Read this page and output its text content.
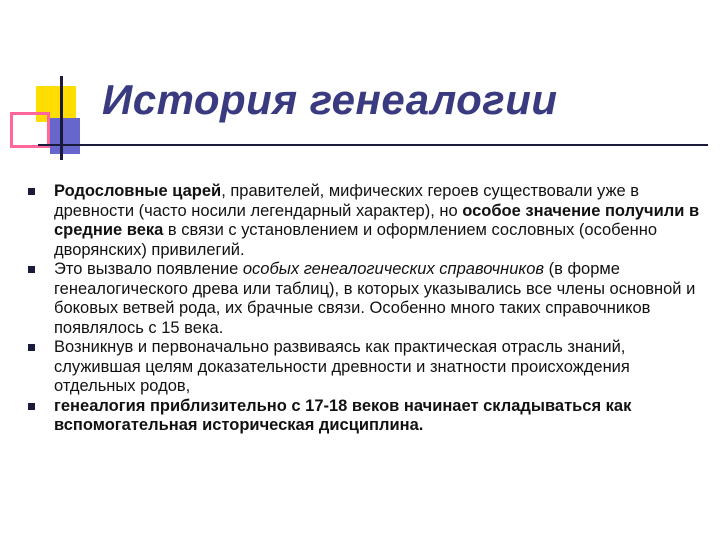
История генеалогии
Родословные царей, правителей, мифических героев существовали уже в древности (часто носили легендарный характер), но особое значение получили в средние века в связи с установлением и оформлением сословных (особенно дворянских) привилегий.
Это вызвало появление особых генеалогических справочников (в форме генеалогического древа или таблиц), в которых указывались все члены основной и боковых ветвей рода, их брачные связи. Особенно много таких справочников появлялось с 15 века.
Возникнув и первоначально развиваясь как практическая отрасль знаний, служившая целям доказательности древности и знатности происхождения отдельных родов,
генеалогия приблизительно с 17-18 веков начинает складываться как вспомогательная историческая дисциплина.
